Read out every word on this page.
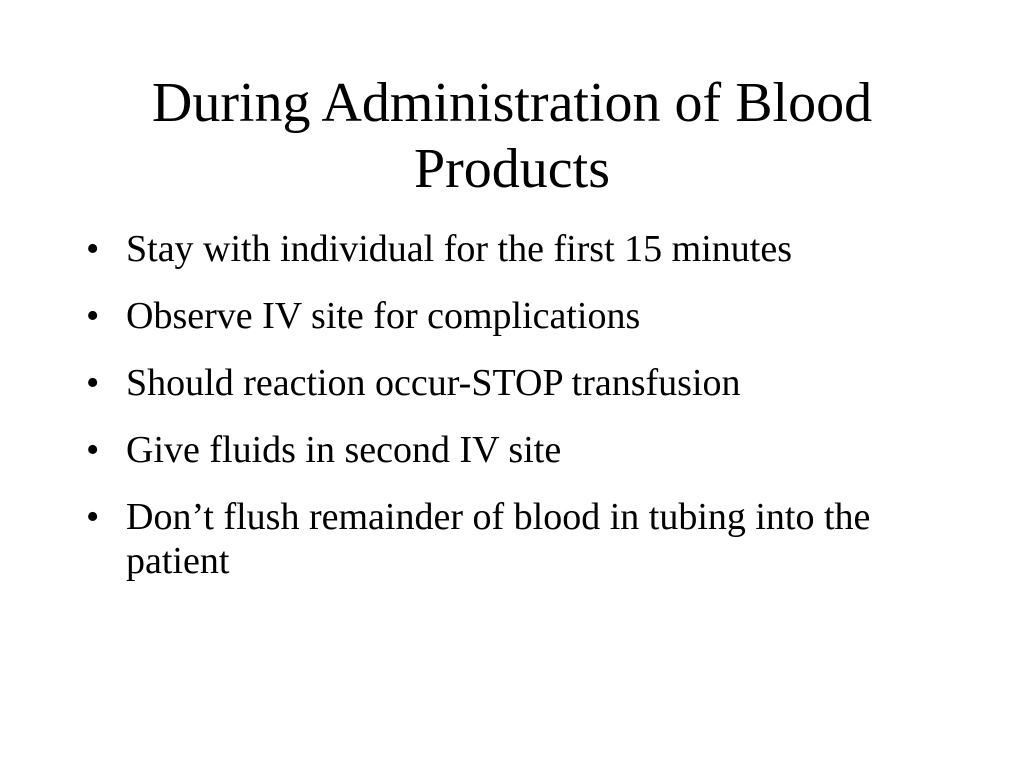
During Administration of Blood Products
• Stay with individual for the first 15 minutes
• Observe IV site for complications
• Should reaction occur-STOP transfusion
• Give fluids in second IV site
• Don’t flush remainder of blood in tubing into the patient
